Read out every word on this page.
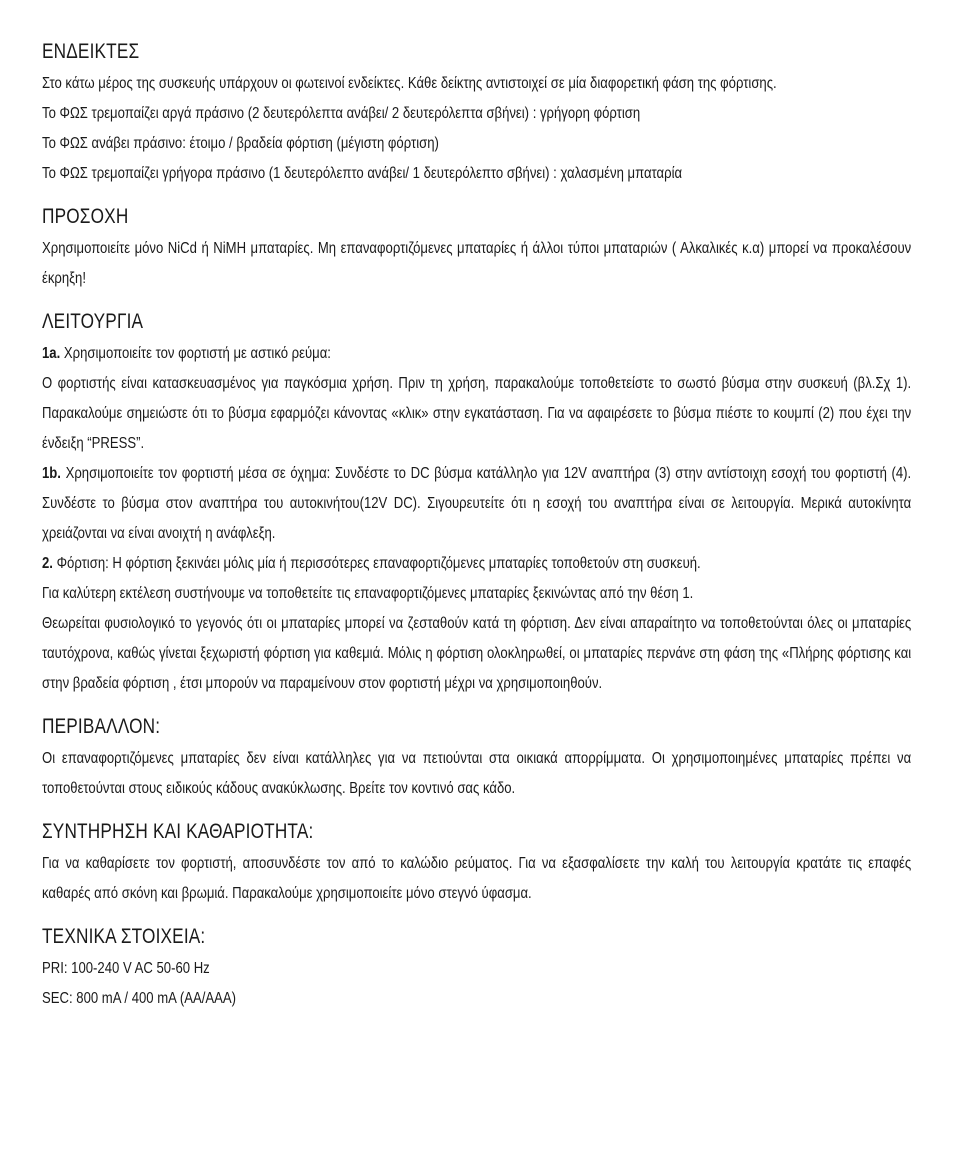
ΕΝΔΕΙΚΤΕΣ

Στο κάτω μέρος της συσκευής υπάρχουν οι φωτεινοί ενδείκτες. Κάθε δείκτης αντιστοιχεί σε μία διαφορετική φάση της φόρτισης.

Το ΦΩΣ τρεμοπαίζει αργά πράσινο (2 δευτερόλεπτα ανάβει/ 2 δευτερόλεπτα σβήνει) : γρήγορη φόρτιση
Το ΦΩΣ ανάβει πράσινο: έτοιμο / βραδεία φόρτιση (μέγιστη φόρτιση)
Το ΦΩΣ τρεμοπαίζει γρήγορα πράσινο (1 δευτερόλεπτο ανάβει/ 1 δευτερόλεπτο σβήνει) : χαλασμένη μπαταρία
ΠΡΟΣΟΧΗ

Χρησιμοποιείτε μόνο NiCd ή NiMH μπαταρίες. Μη επαναφορτιζόμενες μπαταρίες ή άλλοι τύποι μπαταριών ( Αλκαλικές κ.α) μπορεί να προκαλέσουν έκρηξη!

ΛΕΙΤΟΥΡΓΙΑ
1a. Χρησιμοποιείτε τον φορτιστή με αστικό ρεύμα:

Ο φορτιστής είναι κατασκευασμένος για παγκόσμια χρήση. Πριν τη χρήση, παρακαλούμε τοποθετείστε το σωστό βύσμα στην συσκευή (βλ.Σχ 1). Παρακαλούμε σημειώστε ότι το βύσμα εφαρμόζει κάνοντας «κλικ» στην εγκατάσταση. Για να αφαιρέσετε το βύσμα πιέστε το κουμπί (2) που έχει την ένδειξη “PRESS”.

1b. Χρησιμοποιείτε τον φορτιστή μέσα σε όχημα: Συνδέστε το DC βύσμα κατάλληλο για 12V αναπτήρα (3) στην αντίστοιχη εσοχή του φορτιστή (4). Συνδέστε το βύσμα στον αναπτήρα του αυτοκινήτου(12V DC). Σιγουρευτείτε ότι η εσοχή του αναπτήρα είναι σε λειτουργία. Μερικά αυτοκίνητα χρειάζονται να είναι ανοιχτή η ανάφλεξη.

2. Φόρτιση: Η φόρτιση ξεκινάει μόλις μία ή περισσότερες επαναφορτιζόμενες μπαταρίες τοποθετούν στη συσκευή.
Για καλύτερη εκτέλεση συστήνουμε να τοποθετείτε τις επαναφορτιζόμενες μπαταρίες ξεκινώντας από την θέση 1.

Θεωρείται φυσιολογικό το γεγονός ότι οι μπαταρίες μπορεί να ζεσταθούν κατά τη φόρτιση. Δεν είναι απαραίτητο να τοποθετούνται όλες οι μπαταρίες ταυτόχρονα, καθώς γίνεται ξεχωριστή φόρτιση για καθεμιά. Μόλις η φόρτιση ολοκληρωθεί, οι μπαταρίες περνάνε στη φάση της «Πλήρης φόρτισης και στην βραδεία φόρτιση , έτσι μπορούν να παραμείνουν στον φορτιστή μέχρι να χρησιμοποιηθούν.

ΠΕΡΙΒΑΛΛΟΝ:

Οι επαναφορτιζόμενες μπαταρίες δεν είναι κατάλληλες για να πετιούνται στα οικιακά απορρίμματα. Οι χρησιμοποιημένες μπαταρίες πρέπει να τοποθετούνται στους ειδικούς κάδους ανακύκλωσης. Βρείτε τον κοντινό σας κάδο.

ΣΥΝΤΗΡΗΣΗ ΚΑΙ ΚΑΘΑΡΙΟΤΗΤΑ:

Για να καθαρίσετε τον φορτιστή, αποσυνδέστε τον από το καλώδιο ρεύματος. Για να εξασφαλίσετε την καλή του λειτουργία κρατάτε τις επαφές καθαρές από σκόνη και βρωμιά. Παρακαλούμε χρησιμοποιείτε μόνο στεγνό ύφασμα.

ΤΕΧΝΙΚΑ ΣΤΟΙΧΕΙΑ:
PRI: 100-240 V AC 50-60 Hz
SEC: 800 mA / 400 mA (AA/AAA)
